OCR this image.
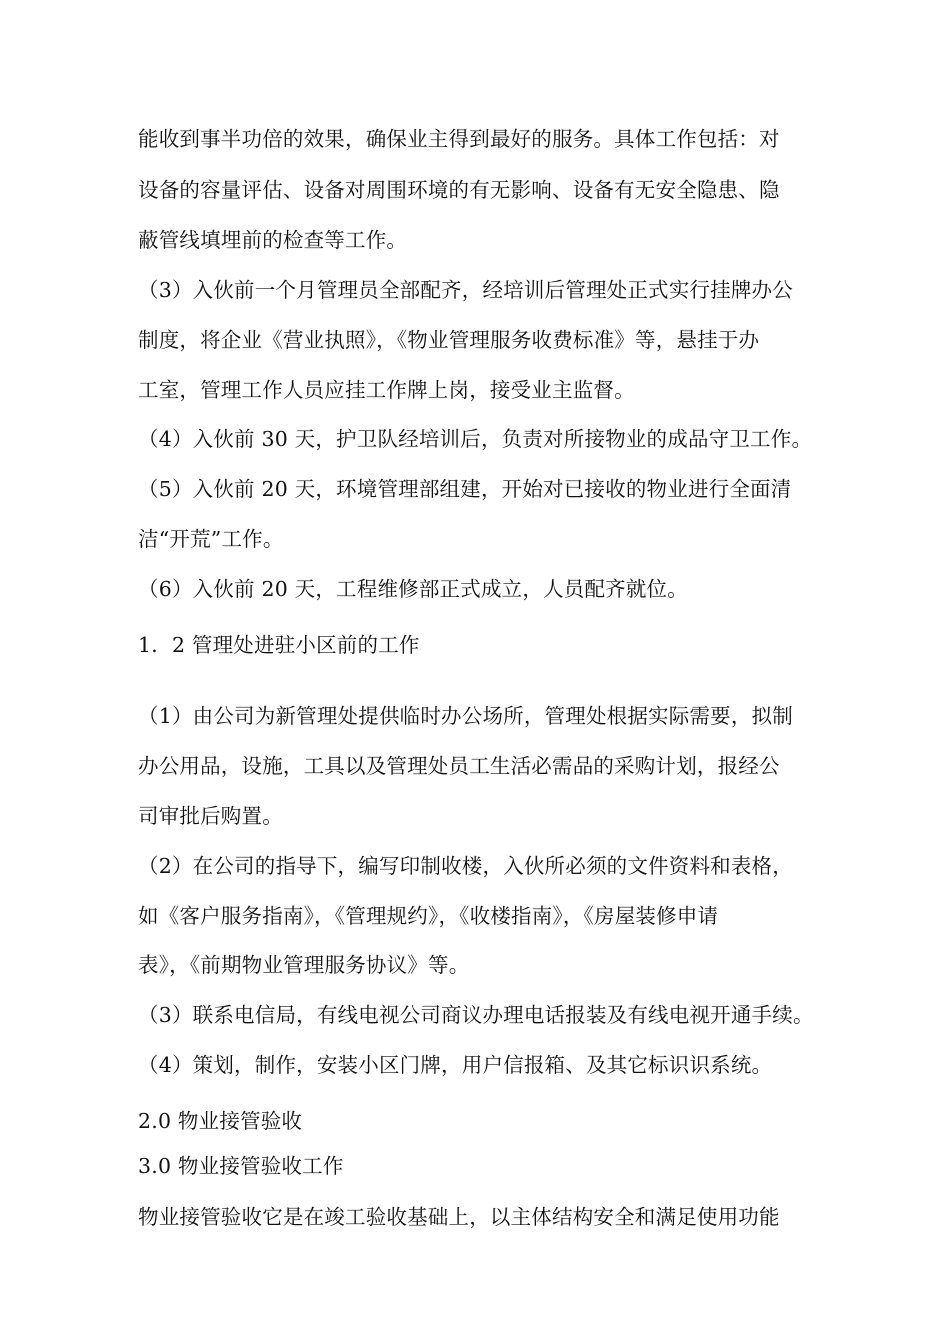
能收到事半功倍的效果，确保业主得到最好的服务。具体工作包括：对
设备的容量评估、设备对周围环境的有无影响、设备有无安全隐患、隐
蔽管线填埋前的检查等工作。
（3）入伙前一个月管理员全部配齐，经培训后管理处正式实行挂牌办公
制度，将企业《营业执照》，《物业管理服务收费标准》等，悬挂于办
工室，管理工作人员应挂工作牌上岗，接受业主监督。
（4）入伙前 30 天，护卫队经培训后，负责对所接物业的成品守卫工作。
（5）入伙前 20 天，环境管理部组建，开始对已接收的物业进行全面清
洁“开荒”工作。
（6）入伙前 20 天，工程维修部正式成立，人员配齐就位。
1．2 管理处进驻小区前的工作
（1）由公司为新管理处提供临时办公场所，管理处根据实际需要，拟制
办公用品，设施，工具以及管理处员工生活必需品的采购计划，报经公
司审批后购置。
（2）在公司的指导下，编写印制收楼，入伙所必须的文件资料和表格，
如《客户服务指南》，《管理规约》，《收楼指南》，《房屋装修申请
表》，《前期物业管理服务协议》等。
（3）联系电信局，有线电视公司商议办理电话报装及有线电视开通手续。
（4）策划，制作，安装小区门牌，用户信报箱、及其它标识识系统。
2.0 物业接管验收
3.0 物业接管验收工作
物业接管验收它是在竣工验收基础上，以主体结构安全和满足使用功能
